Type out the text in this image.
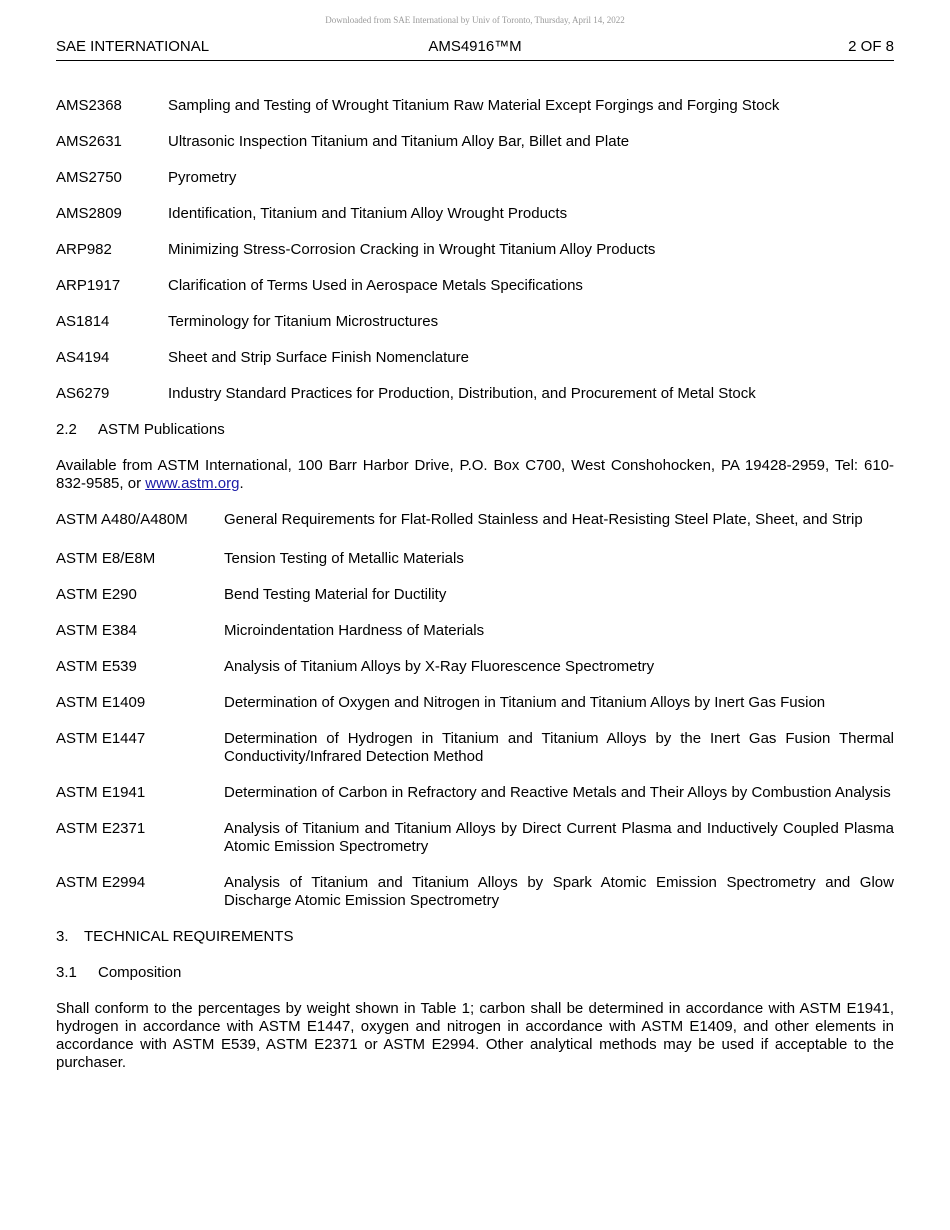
Downloaded from SAE International by Univ of Toronto, Thursday, April 14, 2022
SAE INTERNATIONAL	AMS4916™M	2 OF 8
AMS2368	Sampling and Testing of Wrought Titanium Raw Material Except Forgings and Forging Stock
AMS2631	Ultrasonic Inspection Titanium and Titanium Alloy Bar, Billet and Plate
AMS2750	Pyrometry
AMS2809	Identification, Titanium and Titanium Alloy Wrought Products
ARP982	Minimizing Stress-Corrosion Cracking in Wrought Titanium Alloy Products
ARP1917	Clarification of Terms Used in Aerospace Metals Specifications
AS1814	Terminology for Titanium Microstructures
AS4194	Sheet and Strip Surface Finish Nomenclature
AS6279	Industry Standard Practices for Production, Distribution, and Procurement of Metal Stock
2.2 ASTM Publications
Available from ASTM International, 100 Barr Harbor Drive, P.O. Box C700, West Conshohocken, PA 19428-2959, Tel: 610-832-9585, or www.astm.org.
ASTM A480/A480M	General Requirements for Flat-Rolled Stainless and Heat-Resisting Steel Plate, Sheet, and Strip
ASTM E8/E8M	Tension Testing of Metallic Materials
ASTM E290	Bend Testing Material for Ductility
ASTM E384	Microindentation Hardness of Materials
ASTM E539	Analysis of Titanium Alloys by X-Ray Fluorescence Spectrometry
ASTM E1409	Determination of Oxygen and Nitrogen in Titanium and Titanium Alloys by Inert Gas Fusion
ASTM E1447	Determination of Hydrogen in Titanium and Titanium Alloys by the Inert Gas Fusion Thermal Conductivity/Infrared Detection Method
ASTM E1941	Determination of Carbon in Refractory and Reactive Metals and Their Alloys by Combustion Analysis
ASTM E2371	Analysis of Titanium and Titanium Alloys by Direct Current Plasma and Inductively Coupled Plasma Atomic Emission Spectrometry
ASTM E2994	Analysis of Titanium and Titanium Alloys by Spark Atomic Emission Spectrometry and Glow Discharge Atomic Emission Spectrometry
3. TECHNICAL REQUIREMENTS
3.1 Composition
Shall conform to the percentages by weight shown in Table 1; carbon shall be determined in accordance with ASTM E1941, hydrogen in accordance with ASTM E1447, oxygen and nitrogen in accordance with ASTM E1409, and other elements in accordance with ASTM E539, ASTM E2371 or ASTM E2994. Other analytical methods may be used if acceptable to the purchaser.
